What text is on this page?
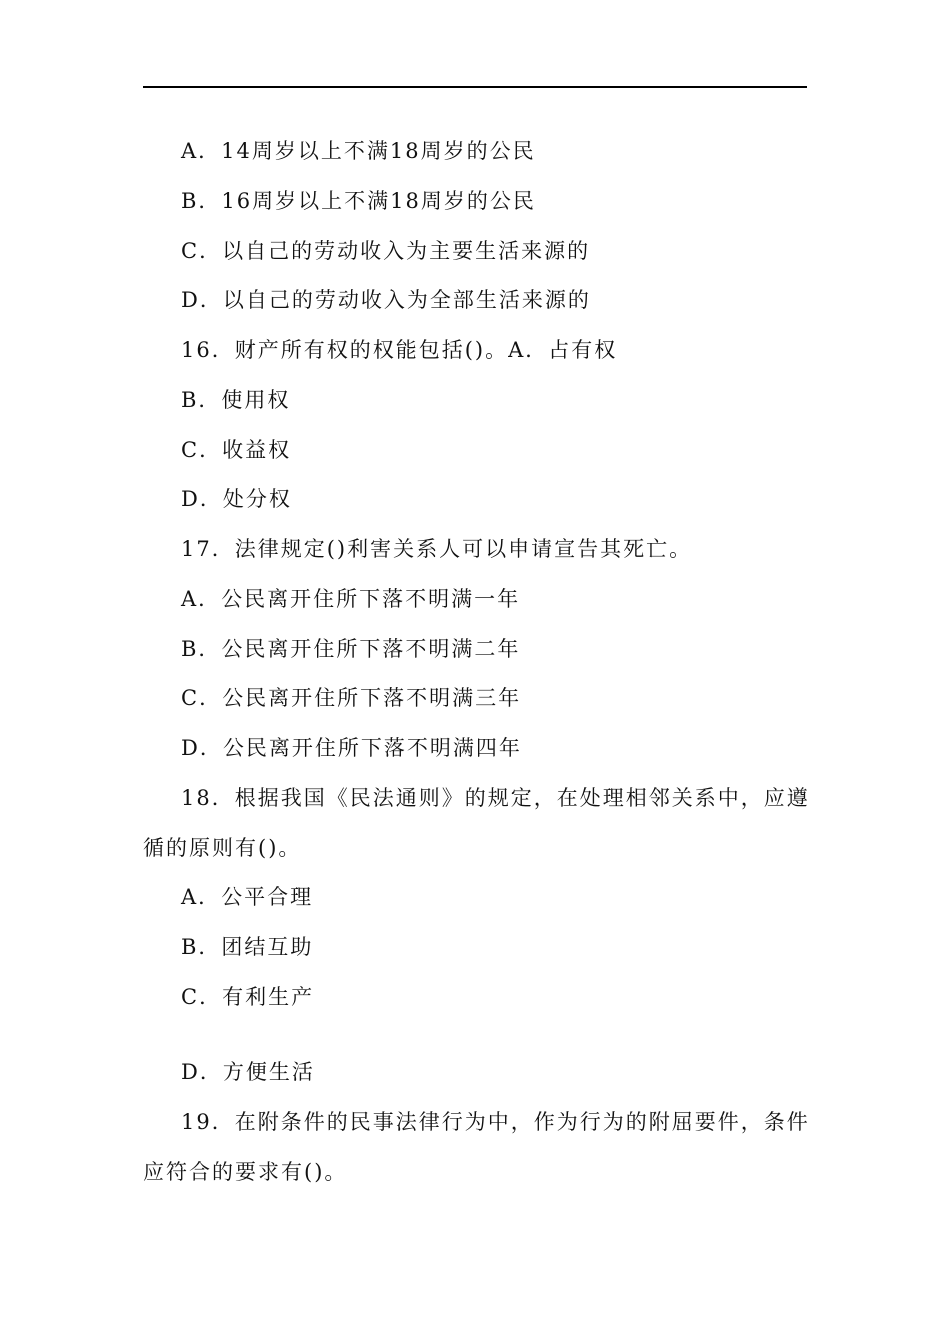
A．14周岁以上不满18周岁的公民
B．16周岁以上不满18周岁的公民
C．以自己的劳动收入为主要生活来源的
D．以自己的劳动收入为全部生活来源的
16．财产所有权的权能包括()。A．占有权
B．使用权
C．收益权
D．处分权
17．法律规定()利害关系人可以申请宣告其死亡。
A．公民离开住所下落不明满一年
B．公民离开住所下落不明满二年
C．公民离开住所下落不明满三年
D．公民离开住所下落不明满四年
18．根据我国《民法通则》的规定，在处理相邻关系中，应遵
循的原则有()。
A．公平合理
B．团结互助
C．有利生产
D．方便生活
19．在附条件的民事法律行为中，作为行为的附屈要件，条件
应符合的要求有()。
